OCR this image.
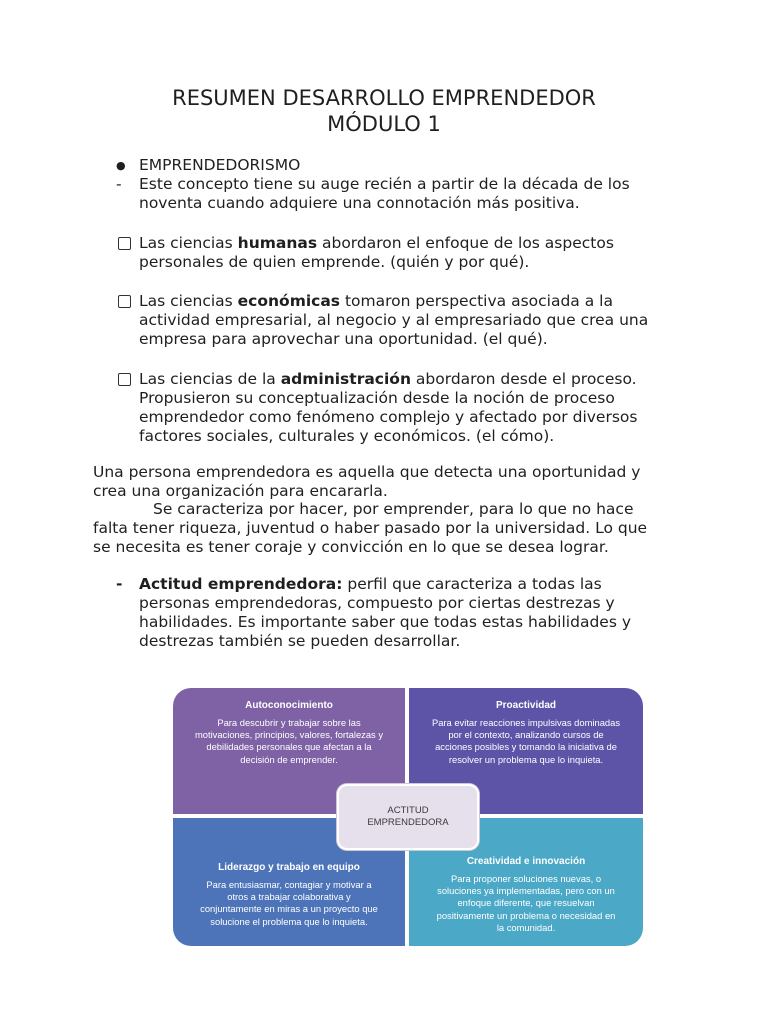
RESUMEN DESARROLLO EMPRENDEDOR
MÓDULO 1
● EMPRENDEDORISMO
- Este concepto tiene su auge recién a partir de la década de los
noventa cuando adquiere una connotación más positiva.
Las ciencias humanas abordaron el enfoque de los aspectos
personales de quien emprende. (quién y por qué).
Las ciencias económicas tomaron perspectiva asociada a la
actividad empresarial, al negocio y al empresariado que crea una
empresa para aprovechar una oportunidad. (el qué).
Las ciencias de la administración abordaron desde el proceso.
Propusieron su conceptualización desde la noción de proceso
emprendedor como fenómeno complejo y afectado por diversos
factores sociales, culturales y económicos. (el cómo).
Una persona emprendedora es aquella que detecta una oportunidad y
crea una organización para encararla.
Se caracteriza por hacer, por emprender, para lo que no hace
falta tener riqueza, juventud o haber pasado por la universidad. Lo que
se necesita es tener coraje y convicción en lo que se desea lograr.
- Actitud emprendedora: perfil que caracteriza a todas las
personas emprendedoras, compuesto por ciertas destrezas y
habilidades. Es importante saber que todas estas habilidades y
destrezas también se pueden desarrollar.
Autoconocimiento
Para descubrir y trabajar sobre las
motivaciones, principios, valores, fortalezas y
debilidades personales que afectan a la
decisión de emprender.
Proactividad
Para evitar reacciones impulsivas dominadas
por el contexto, analizando cursos de
acciones posibles y tomando la iniciativa de
resolver un problema que lo inquieta.
Liderazgo y trabajo en equipo
Para entusiasmar, contagiar y motivar a
otros a trabajar colaborativa y
conjuntamente en miras a un proyecto que
solucione el problema que lo inquieta.
Creatividad e innovación
Para proponer soluciones nuevas, o
soluciones ya implementadas, pero con un
enfoque diferente, que resuelvan
positivamente un problema o necesidad en
la comunidad.
ACTITUD
EMPRENDEDORA
